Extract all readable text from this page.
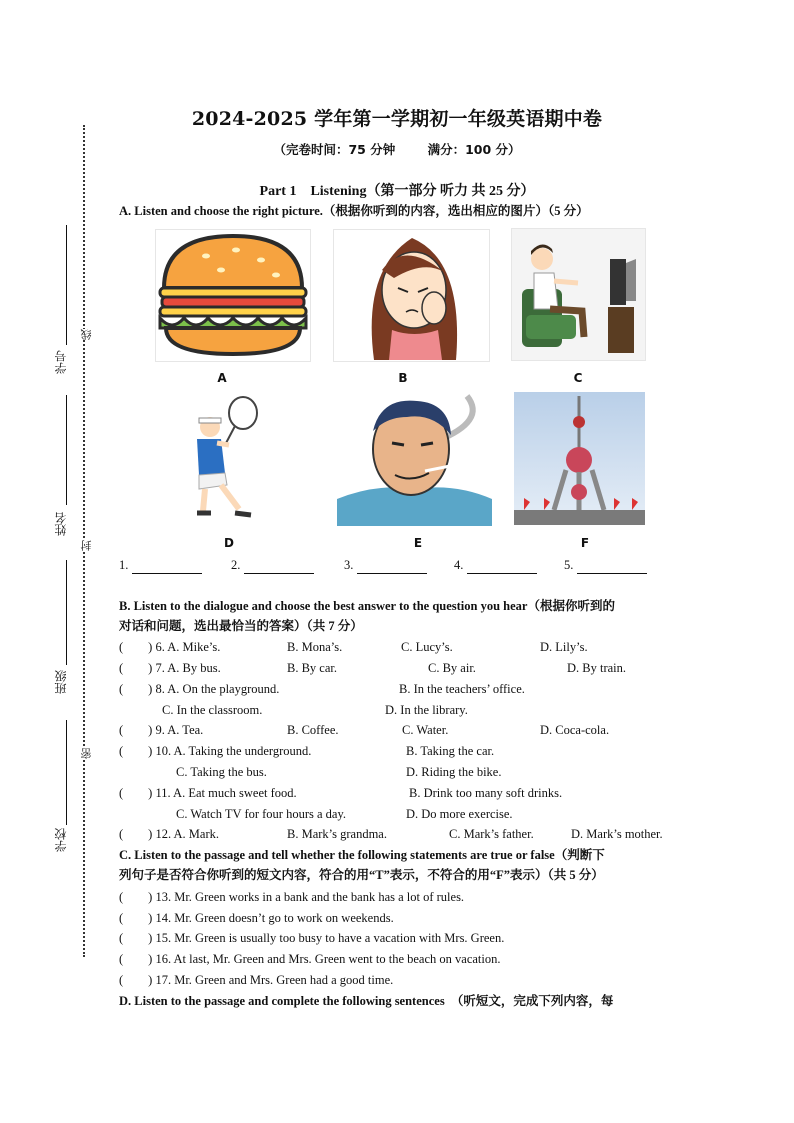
线
封
密
学号
姓名
班级
学校
2024-2025 学年第一学期初一年级英语期中卷
（完卷时间：75 分钟	满分：100 分）
Part 1　Listening（第一部分 听力 共 25 分）
A. Listen and choose the right picture.（根据你听到的内容，选出相应的图片）（5 分）
A	B	C
D	E	F
1.	2.	3.	4.	5.
B. Listen to the dialogue and choose the best answer to the question you hear（根据你听到的
对话和问题，选出最恰当的答案）（共 7 分）
(　　) 6. A. Mike’s.	B. Mona’s.	C. Lucy’s.	D. Lily’s.
(　　) 7. A. By bus.	B. By car.	C. By air.	D. By train.
(　　) 8. A. On the playground.	B. In the teachers’ office.
C. In the classroom.	D. In the library.
(　　) 9. A. Tea.	B. Coffee.	C. Water.	D. Coca-cola.
(　　) 10. A. Taking the underground.	B. Taking the car.
C. Taking the bus.	D. Riding the bike.
(　　) 11. A. Eat much sweet food.	B. Drink too many soft drinks.
C. Watch TV for four hours a day.	D. Do more exercise.
(　　) 12. A. Mark.	B. Mark’s grandma.	C. Mark’s father.	D. Mark’s mother.
C. Listen to the passage and tell whether the following statements are true or false（判断下
列句子是否符合你听到的短文内容，符合的用“T”表示，不符合的用“F”表示）（共 5 分）
(　　) 13. Mr. Green works in a bank and the bank has a lot of rules.
(　　) 14. Mr. Green doesn’t go to work on weekends.
(　　) 15. Mr. Green is usually too busy to have a vacation with Mrs. Green.
(　　) 16. At last, Mr. Green and Mrs. Green went to the beach on vacation.
(　　) 17. Mr. Green and Mrs. Green had a good time.
D. Listen to the passage and complete the following sentences　（听短文，完成下列内容，每
